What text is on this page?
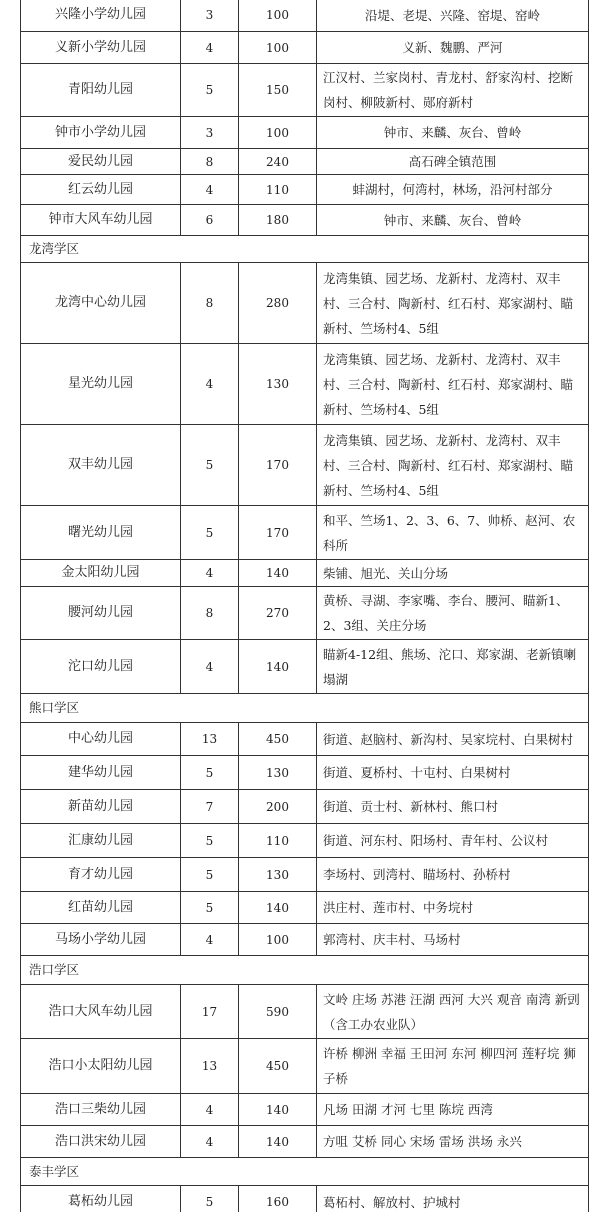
兴隆小学幼儿园	3	100	沿堤、老堤、兴隆、窑堤、窑岭
义新小学幼儿园	4	100	义新、魏鹏、严河
青阳幼儿园	5	150	江汉村、兰家岗村、青龙村、舒家沟村、挖断岗村、柳陂新村、郧府新村
钟市小学幼儿园	3	100	钟市、来麟、灰台、曾岭
爱民幼儿园	8	240	高石碑全镇范围
红云幼儿园	4	110	蚌湖村，何湾村，林场，沿河村部分
钟市大风车幼儿园	6	180	钟市、来麟、灰台、曾岭
龙湾学区			
龙湾中心幼儿园	8	280	龙湾集镇、园艺场、龙新村、龙湾村、双丰村、三合村、陶新村、红石村、郑家湖村、瞄新村、竺场村4、5组
星光幼儿园	4	130	龙湾集镇、园艺场、龙新村、龙湾村、双丰村、三合村、陶新村、红石村、郑家湖村、瞄新村、竺场村4、5组
双丰幼儿园	5	170	龙湾集镇、园艺场、龙新村、龙湾村、双丰村、三合村、陶新村、红石村、郑家湖村、瞄新村、竺场村4、5组
曙光幼儿园	5	170	和平、竺场1、2、3、6、7、帅桥、赵河、农科所
金太阳幼儿园	4	140	柴铺、旭光、关山分场
腰河幼儿园	8	270	黄桥、寻湖、李家嘴、李台、腰河、瞄新1、2、3组、关庄分场
沱口幼儿园	4	140	瞄新4-12组、熊场、沱口、郑家湖、老新镇喇塌湖
熊口学区			
中心幼儿园	13	450	街道、赵脑村、新沟村、吴家垸村、白果树村
建华幼儿园	5	130	街道、夏桥村、十屯村、白果树村
新苗幼儿园	7	200	街道、贡士村、新林村、熊口村
汇康幼儿园	5	110	街道、河东村、阳场村、青年村、公议村
育才幼儿园	5	130	李场村、剅湾村、瞄场村、孙桥村
红苗幼儿园	5	140	洪庄村、莲市村、中务垸村
马场小学幼儿园	4	100	郭湾村、庆丰村、马场村
浩口学区			
浩口大风车幼儿园	17	590	文岭 庄场 苏港 汪湖 西河 大兴 观音 南湾 新剅（含工办农业队）
浩口小太阳幼儿园	13	450	许桥 柳洲 幸福 王田河 东河 柳四河 莲籽垸 狮子桥
浩口三柴幼儿园	4	140	凡场 田湖 才河 七里 陈垸 西湾
浩口洪宋幼儿园	4	140	方咀 艾桥 同心 宋场 雷场 洪场 永兴
泰丰学区			
葛柘幼儿园	5	160	葛柘村、解放村、护城村
